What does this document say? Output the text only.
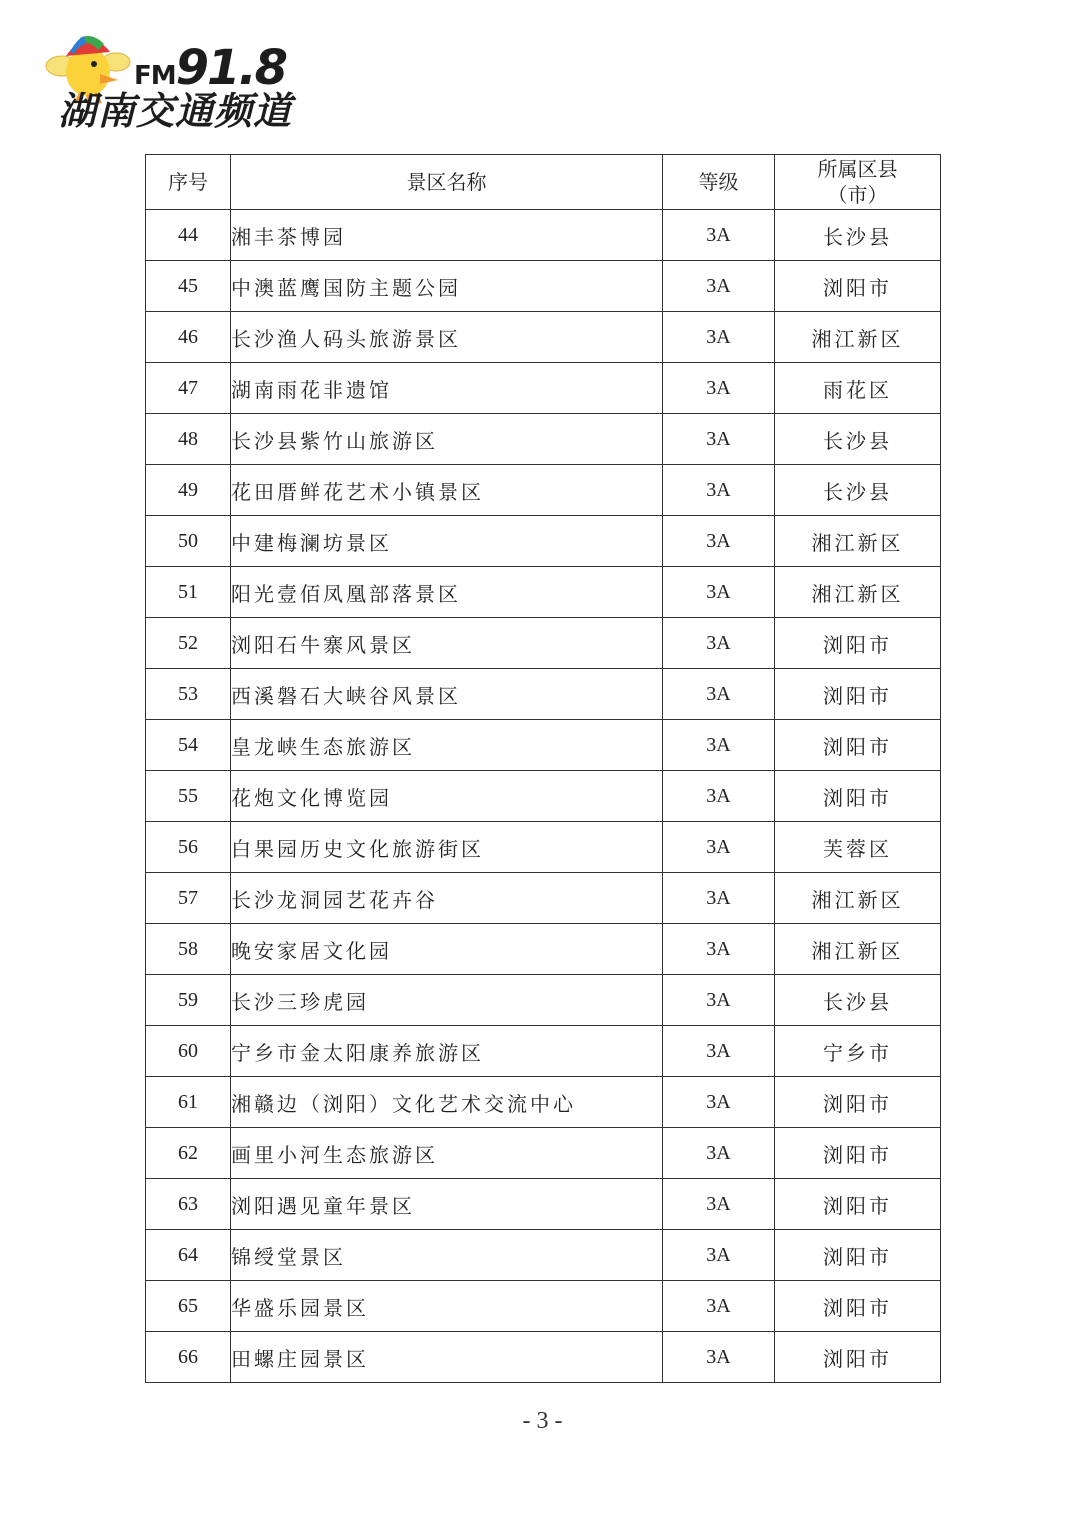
FM91.8
湖南交通频道
序号	景区名称	等级	所属区县
（市）
44	湘丰茶博园	3A	长沙县
45	中澳蓝鹰国防主题公园	3A	浏阳市
46	长沙渔人码头旅游景区	3A	湘江新区
47	湖南雨花非遗馆	3A	雨花区
48	长沙县紫竹山旅游区	3A	长沙县
49	花田厝鲜花艺术小镇景区	3A	长沙县
50	中建梅澜坊景区	3A	湘江新区
51	阳光壹佰凤凰部落景区	3A	湘江新区
52	浏阳石牛寨风景区	3A	浏阳市
53	西溪磐石大峡谷风景区	3A	浏阳市
54	皇龙峡生态旅游区	3A	浏阳市
55	花炮文化博览园	3A	浏阳市
56	白果园历史文化旅游街区	3A	芙蓉区
57	长沙龙洞园艺花卉谷	3A	湘江新区
58	晚安家居文化园	3A	湘江新区
59	长沙三珍虎园	3A	长沙县
60	宁乡市金太阳康养旅游区	3A	宁乡市
61	湘赣边（浏阳）文化艺术交流中心	3A	浏阳市
62	画里小河生态旅游区	3A	浏阳市
63	浏阳遇见童年景区	3A	浏阳市
64	锦绶堂景区	3A	浏阳市
65	华盛乐园景区	3A	浏阳市
66	田螺庄园景区	3A	浏阳市
- 3 -
